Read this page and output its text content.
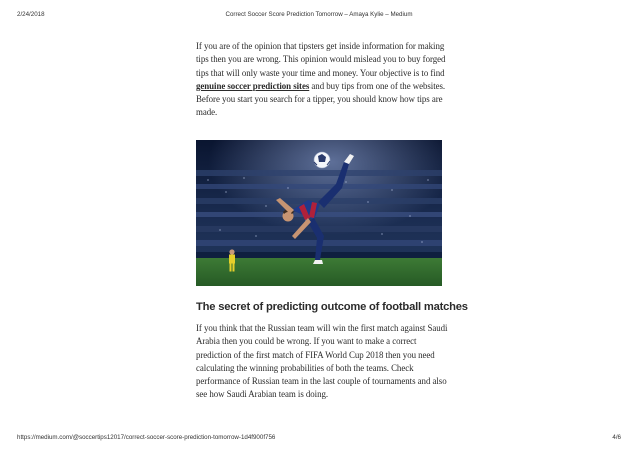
2/24/2018	Correct Soccer Score Prediction Tomorrow – Amaya Kylie – Medium

If you are of the opinion that tipsters get inside information for making tips then you are wrong. This opinion would mislead you to buy forged tips that will only waste your time and money. Your objective is to find genuine soccer prediction sites and buy tips from one of the websites. Before you start you search for a tipper, you should know how tips are made.

The secret of predicting outcome of football matches

If you think that the Russian team will win the first match against Saudi Arabia then you could be wrong. If you want to make a correct prediction of the first match of FIFA World Cup 2018 then you need calculating the winning probabilities of both the teams. Check performance of Russian team in the last couple of tournaments and also see how Saudi Arabian team is doing.

https://medium.com/@soccertips12017/correct-soccer-score-prediction-tomorrow-1d4f900f756	4/6
